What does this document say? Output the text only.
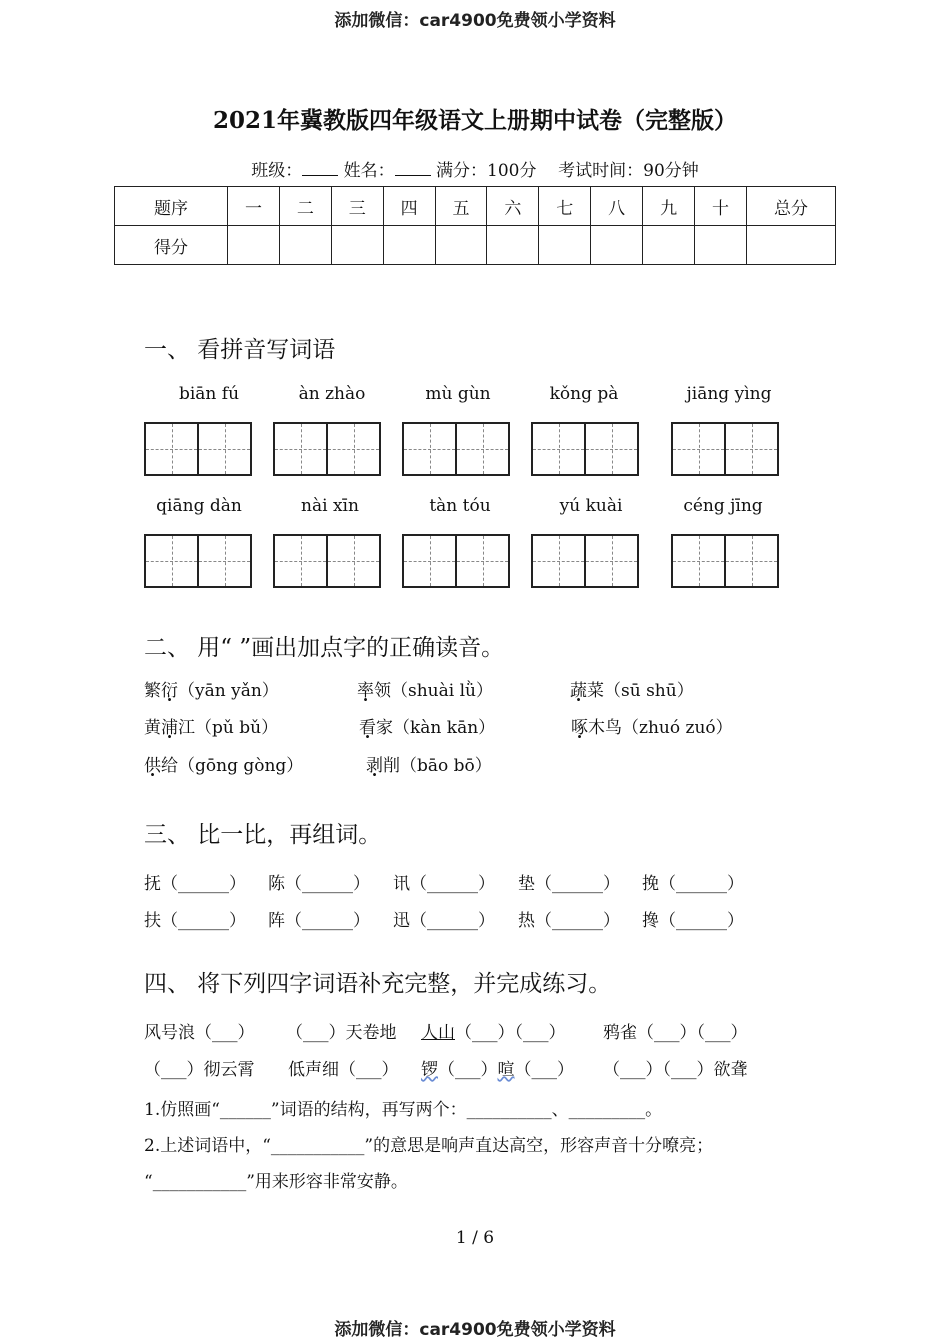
添加微信：car4900免费领小学资料
2021年冀教版四年级语文上册期中试卷（完整版）
班级： 姓名： 满分：100分 考试时间：90分钟
题序	一	二	三	四	五	六	七	八	九	十	总分
得分											
一、 看拼音写词语
biān fú	àn zhào	mù gùn	kǒng pà	jiāng yìng
qiāng dàn	nài xīn	tàn tóu	yú kuài	céng jīng
二、 用“ ”画出加点字的正确读音。
繁衍（yān yǎn）	率领（shuài lǜ）	蔬菜（sū shū）
黄浦江（pǔ bǔ）	看家（kàn kān）	啄木鸟（zhuó zuó）
供给（gōng gòng）	剥削（bāo bō）
三、 比一比，再组词。
抚（______） 陈（______） 讯（______） 垫（______） 挽（______）
扶（______） 阵（______） 迅（______） 热（______） 搀（______）
四、 将下列四字词语补充完整，并完成练习。
风号浪（___） （___）天卷地 人山（___）（___） 鸦雀（___）（___）
（___）彻云霄 低声细（___） 锣（___）喧（___） （___）（___）欲聋
1.仿照画“______”词语的结构，再写两个：__________、_________。
2.上述词语中，“___________”的意思是响声直达高空，形容声音十分嘹亮；
“___________”用来形容非常安静。
1 / 6
添加微信：car4900免费领小学资料
